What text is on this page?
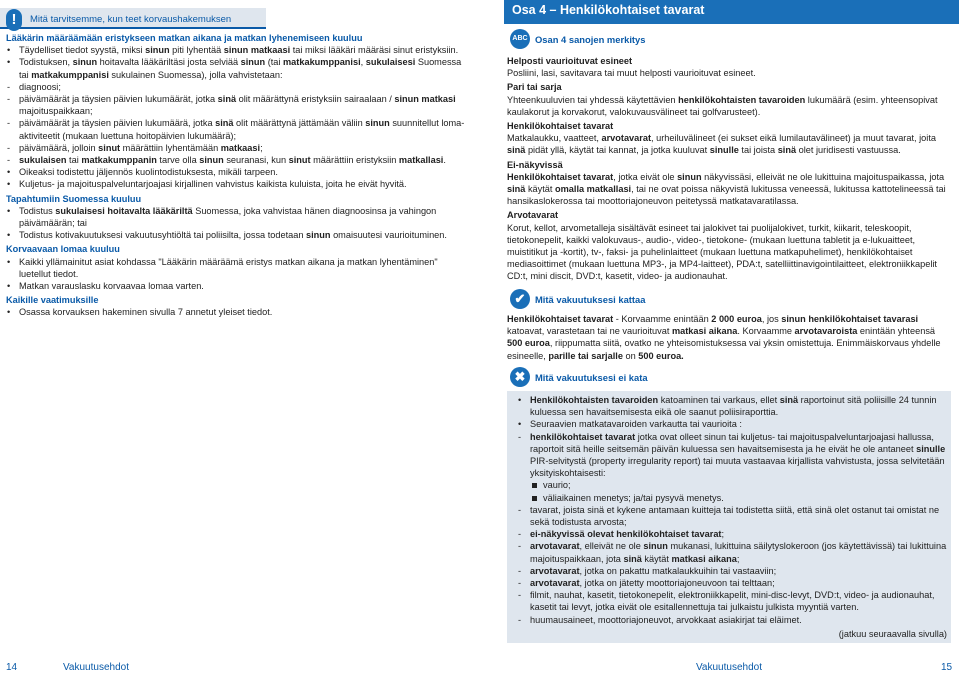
!	Mitä tarvitsemme, kun teet korvaushakemuksen
Lääkärin määräämään eristykseen matkan aikana ja matkan lyhenemiseen kuuluu
• Täydelliset tiedot syystä, miksi sinun piti lyhentää sinun matkaasi tai miksi lääkäri määräsi sinut eristyksiin.
• Todistuksen, sinun hoitavalta lääkäriltäsi josta selviää sinun (tai matkakumppanisi, sukulaisesi Suomessa tai matkakumppanisi sukulainen Suomessa), jolla vahvistetaan:
- diagnoosi;
- päivämäärät ja täysien päivien lukumäärät, jotka sinä olit määrättynä eristyksiin sairaalaan / sinun matkasi majoituspaikkaan;
- päivämäärät ja täysien päivien lukumäärä, jotka sinä olit määrättynä jättämään väliin sinun suunnitellut loma-aktiviteetit (mukaan luettuna hoitopäivien lukumäärä);
- päivämäärä, jolloin sinut määrättiin lyhentämään matkaasi;
- sukulaisen tai matkakumppanin tarve olla sinun seuranasi, kun sinut määrättiin eristyksiin matkallasi.
• Oikeaksi todistettu jäljennös kuolintodistuksesta, mikäli tarpeen.
• Kuljetus- ja majoituspalveluntarjoajasi kirjallinen vahvistus kaikista kuluista, joita he eivät hyvitä.
Tapahtumiin Suomessa kuuluu
• Todistus sukulaisesi hoitavalta lääkäriltä Suomessa, joka vahvistaa hänen diagnoosinsa ja vahingon päivämäärän; tai
• Todistus kotivakuutuksesi vakuutusyhtiöltä tai poliisilta, jossa todetaan sinun omaisuutesi vaurioituminen.
Korvaavaan lomaa kuuluu
• Kaikki yllämainitut asiat kohdassa "Lääkärin määräämä eristys matkan aikana ja matkan lyhentäminen" luetellut tiedot.
• Matkan varauslasku korvaavaa lomaa varten.
Kaikille vaatimuksille
• Osassa korvauksen hakeminen sivulla 7 annetut yleiset tiedot.
14	Vakuutusehdot
Osa 4 – Henkilökohtaiset tavarat
ABC Osan 4 sanojen merkitys
Helposti vaurioituvat esineet
Posliini, lasi, savitavara tai muut helposti vaurioituvat esineet.
Pari tai sarja
Yhteenkuuluvien tai yhdessä käytettävien henkilökohtaisten tavaroiden lukumäärä (esim. yhteensopivat kaulakorut ja korvakorut, valokuvausvälineet tai golfvarusteet).
Henkilökohtaiset tavarat
Matkalaukku, vaatteet, arvotavarat, urheiluvälineet (ei sukset eikä lumilautavälineet) ja muut tavarat, joita sinä pidät yllä, käytät tai kannat, ja jotka kuuluvat sinulle tai joista sinä olet juridisesti vastuussa.
Ei-näkyvissä
Henkilökohtaiset tavarat, jotka eivät ole sinun näkyvissäsi, elleivät ne ole lukittuina majoituspaikassa, jota sinä käytät omalla matkallasi, tai ne ovat poissa näkyvistä lukitussa veneessä, lukitussa kattotelineessä tai hansikaslokerossa tai moottoriajoneuvon peitetyssä matkatavaratilassa.
Arvotavarat
Korut, kellot, arvometalleja sisältävät esineet tai jalokivet tai puolijalokivet, turkit, kiikarit, teleskoopit, tietokonepelit, kaikki valokuvaus-, audio-, video-, tietokone- (mukaan luettuna tabletit ja e-lukuaitteet, muistitikut ja -kortit), tv-, faksi- ja puhelinlaitteet (mukaan luettuna matkapuhelimet), henkilökohtaiset mediasoittimet (mukaan luettuna MP3-, ja MP4-laitteet), PDA:t, satelliittinavigointilaitteet, elektroniikkapelit CD:t, mini discit, DVD:t, kasetit, video- ja audionauhat.
✔	Mitä vakuutuksesi kattaa
Henkilökohtaiset tavarat - Korvaamme enintään 2 000 euroa, jos sinun henkilökohtaiset tavarasi katoavat, varastetaan tai ne vaurioituvat matkasi aikana. Korvaamme arvotavaroista enintään yhteensä 500 euroa, riippumatta siitä, ovatko ne yhteisomistuksessa vai yksin omistettuja. Enimmäiskorvaus yhdelle esineelle, parille tai sarjalle on 500 euroa.
✖	Mitä vakuutuksesi ei kata
• Henkilökohtaisten tavaroiden katoaminen tai varkaus, ellet sinä raportoinut sitä poliisille 24 tunnin kuluessa sen havaitsemisesta eikä ole saanut poliisiraporttia.
• Seuraavien matkatavaroiden varkautta tai vaurioita :
- henkilökohtaiset tavarat jotka ovat olleet sinun tai kuljetus- tai majoituspalveluntarjoajasi hallussa, raportoit sitä heille seitsemän päivän kuluessa sen havaitsemisesta ja he eivät he ole antaneet sinulle PIR-selvitystä (property irregularity report) tai muuta vastaavaa kirjallista vahvistusta, jossa selvitetään yksityiskohtaisesti:
vaurio;
väliaikainen menetys; ja/tai pysyvä menetys.
- tavarat, joista sinä et kykene antamaan kuitteja tai todistetta siitä, että sinä olet ostanut tai omistat ne sekä todistusta arvosta;
- ei-näkyvissä olevat henkilökohtaiset tavarat;
- arvotavarat, elleivät ne ole sinun mukanasi, lukittuina säilytyslokeroon (jos käytettävissä) tai lukittuina majoituspaikkaan, jota sinä käytät matkasi aikana;
- arvotavarat, jotka on pakattu matkalaukkuihin tai vastaaviin;
- arvotavarat, jotka on jätetty moottoriajoneuvoon tai telttaan;
- filmit, nauhat, kasetit, tietokonepelit, elektroniikkapelit, mini-disc-levyt, DVD:t, video- ja audionauhat, kasetit tai levyt, jotka eivät ole esitallennettuja tai julkaistu julkista myyntiä varten.
- huumausaineet, moottoriajoneuvot, arvokkaat asiakirjat tai eläimet.
(jatkuu seuraavalla sivulla)
Vakuutusehdot	15
